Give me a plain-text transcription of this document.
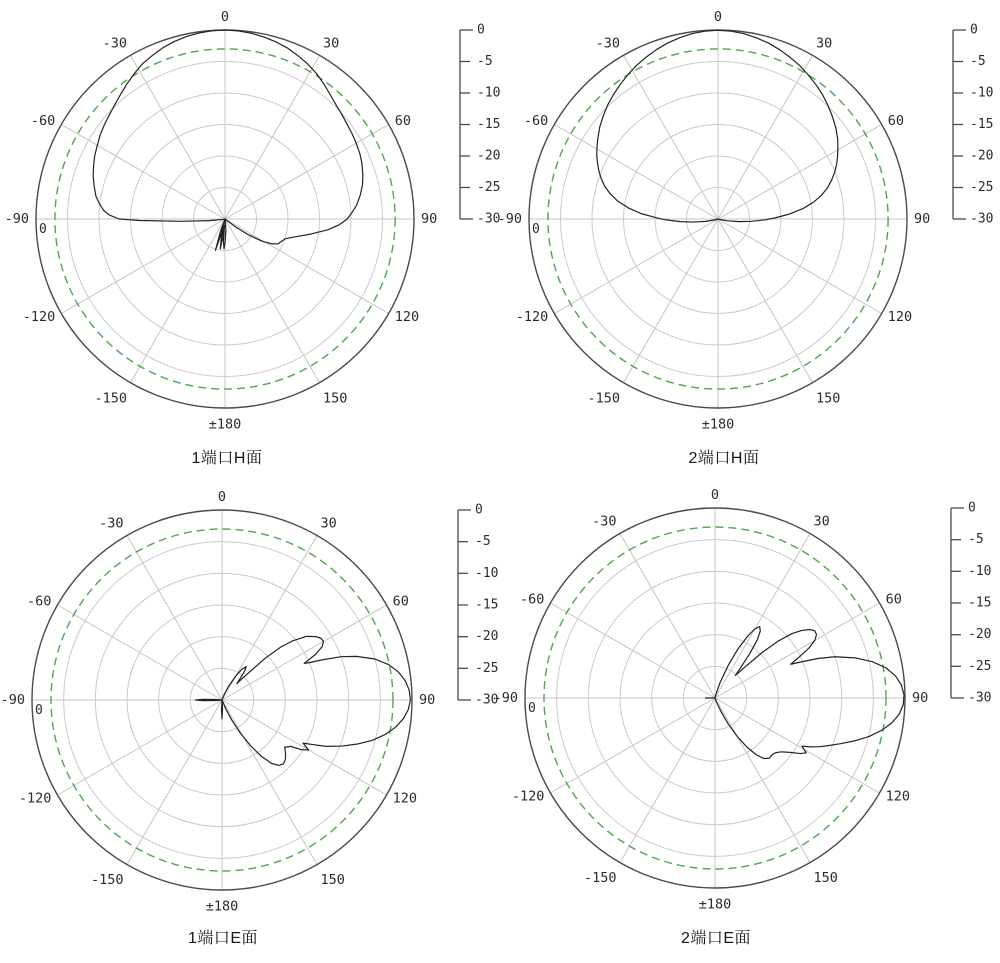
0
30
60
90
120
150
±180
-150
-120
-90
-60
-30
0
0
-5
-10
-15
-20
-25
-30
0
30
60
90
120
150
±180
-150
-120
-90
-60
-30
0
0
-5
-10
-15
-20
-25
-30
0
30
60
90
120
150
±180
-150
-120
-90
-60
-30
0
0
-5
-10
-15
-20
-25
-30
0
30
60
90
120
150
±180
-150
-120
-90
-60
-30
0
0
-5
-10
-15
-20
-25
-30
1端口H面	2端口H面
1端口E面	2端口E面
